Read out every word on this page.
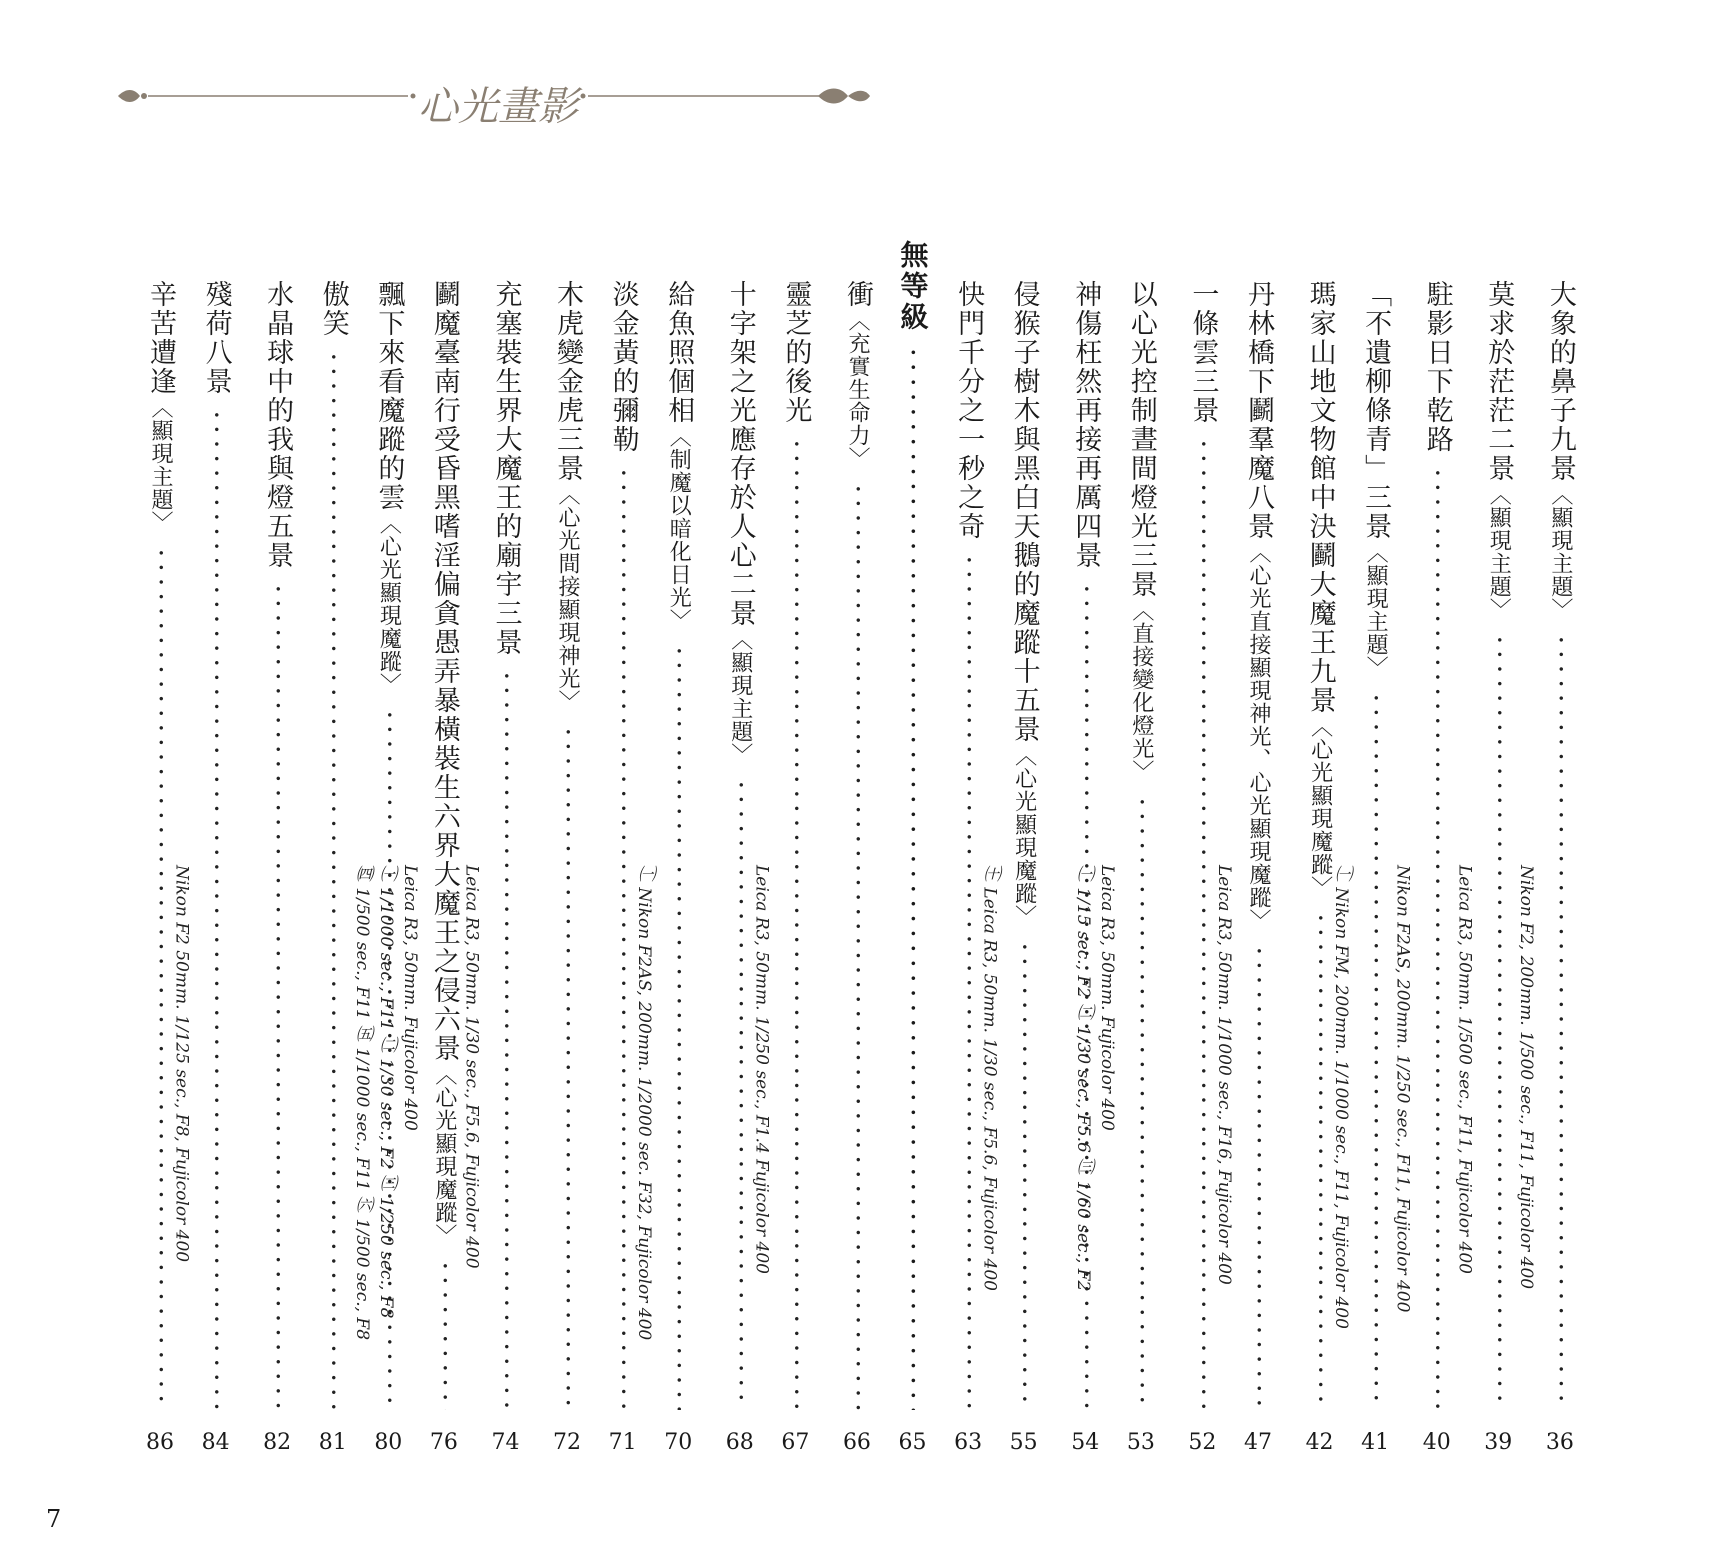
心光畫影
大象的鼻子九景〈顯現主題〉 ·····
Nikon F2, 200mm. 1/500 sec., F11, Fujicolor 400
36
莫求於茫茫二景〈顯現主題〉 ·····
Leica R3, 50mm. 1/500 sec., F11, Fujicolor 400
39
駐影日下乾路 ·····
Nikon F2AS, 200mm. 1/250 sec., F11, Fujicolor 400
40
「不遺柳條青」三景〈顯現主題〉 ·····
㈠ Nikon FM, 200mm. 1/1000 sec., F11, Fujicolor 400
41
瑪家山地文物館中決鬬大魔王九景〈心光顯現魔蹤〉 ·····
42
丹林橋下鬬羣魔八景〈心光直接顯現神光、心光顯現魔蹤〉 ·····
Leica R3, 50mm. 1/1000 sec., F16, Fujicolor 400
47
一條雲三景 ·····
52
以心光控制晝間燈光三景〈直接變化燈光〉 ·····
Leica R3, 50mm. Fujicolor 400
㈠ 1/15 sec., F2 ㈡ 1/30 sec., F5.6 ㈢ 1/60 sec., F2
53
神傷枉然再接再厲四景 ·····
54
侵猴子樹木與黑白天鵝的魔蹤十五景〈心光顯現魔蹤〉 ·····
㈩ Leica R3, 50mm. 1/30 sec., F5.6, Fujicolor 400
55
快門千分之一秒之奇 ·····
63
無等級 ·····
65
衝〈充實生命力〉 ·····
66
靈芝的後光 ·····
Leica R3, 50mm. 1/250 sec., F1.4 Fujicolor 400
67
十字架之光應存於人心二景〈顯現主題〉 ·····
68
給魚照個相〈制魔以暗化日光〉 ·····
㈠ Nikon F2AS, 200mm. 1/2000 sec. F32, Fujicolor 400
70
淡金黃的彌勒 ·····
71
木虎變金虎三景〈心光間接顯現神光〉 ·····
72
充塞裝生界大魔王的廟宇三景 ·····
Leica R3, 50mm. 1/30 sec., F5.6, Fujicolor 400
74
鬬魔臺南行受昏黑嗜淫偏貪愚弄暴橫裝生六界大魔王之侵六景〈心光顯現魔蹤〉 ·····
Leica R3, 50mm. Fujicolor 400
㈠ 1/1000 sec., F11 ㈡ 1/30 sec., F2 ㈢ 1/250 sec., F8
㈣ 1/500 sec., F11 ㈤ 1/1000 sec., F11 ㈥ 1/500 sec., F8
76
飄下來看魔蹤的雲〈心光顯現魔蹤〉 ·····
80
傲笑 ·····
81
水晶球中的我與燈五景 ·····
82
殘荷八景 ·····
Nikon F2 50mm. 1/125 sec., F8, Fujicolor 400
84
辛苦遭逢〈顯現主題〉 ·····
86
7
